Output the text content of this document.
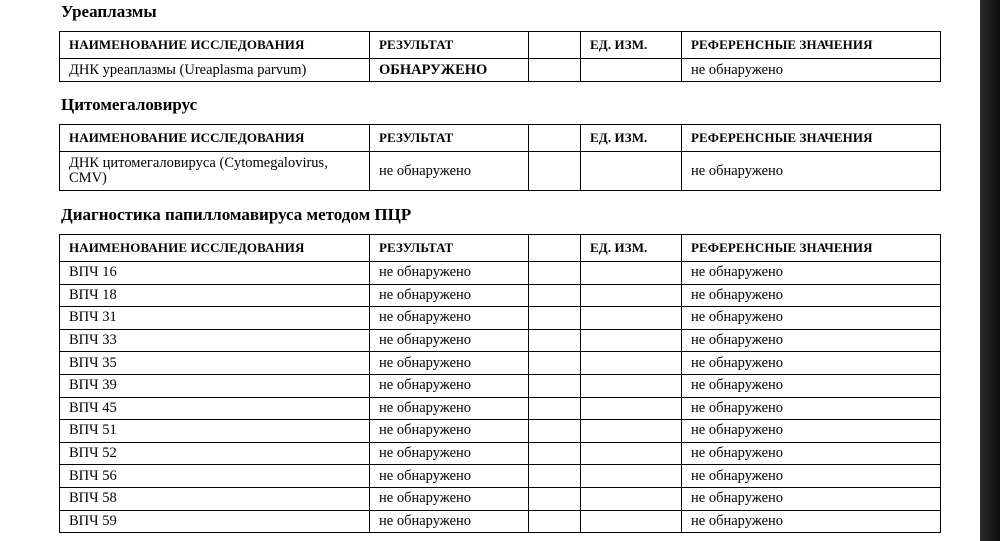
Уреаплазмы
НАИМЕНОВАНИЕ ИССЛЕДОВАНИЯ	РЕЗУЛЬТАТ		ЕД. ИЗМ.	РЕФЕРЕНСНЫЕ ЗНАЧЕНИЯ
ДНК уреаплазмы (Ureaplasma parvum)	ОБНАРУЖЕНО			не обнаружено
Цитомегаловирус
НАИМЕНОВАНИЕ ИССЛЕДОВАНИЯ	РЕЗУЛЬТАТ		ЕД. ИЗМ.	РЕФЕРЕНСНЫЕ ЗНАЧЕНИЯ
ДНК цитомегаловируса (Cytomegalovirus, CMV)	не обнаружено			не обнаружено
Диагностика папилломавируса методом ПЦР
НАИМЕНОВАНИЕ ИССЛЕДОВАНИЯ	РЕЗУЛЬТАТ		ЕД. ИЗМ.	РЕФЕРЕНСНЫЕ ЗНАЧЕНИЯ
ВПЧ 16	не обнаружено			не обнаружено
ВПЧ 18	не обнаружено			не обнаружено
ВПЧ 31	не обнаружено			не обнаружено
ВПЧ 33	не обнаружено			не обнаружено
ВПЧ 35	не обнаружено			не обнаружено
ВПЧ 39	не обнаружено			не обнаружено
ВПЧ 45	не обнаружено			не обнаружено
ВПЧ 51	не обнаружено			не обнаружено
ВПЧ 52	не обнаружено			не обнаружено
ВПЧ 56	не обнаружено			не обнаружено
ВПЧ 58	не обнаружено			не обнаружено
ВПЧ 59	не обнаружено			не обнаружено
